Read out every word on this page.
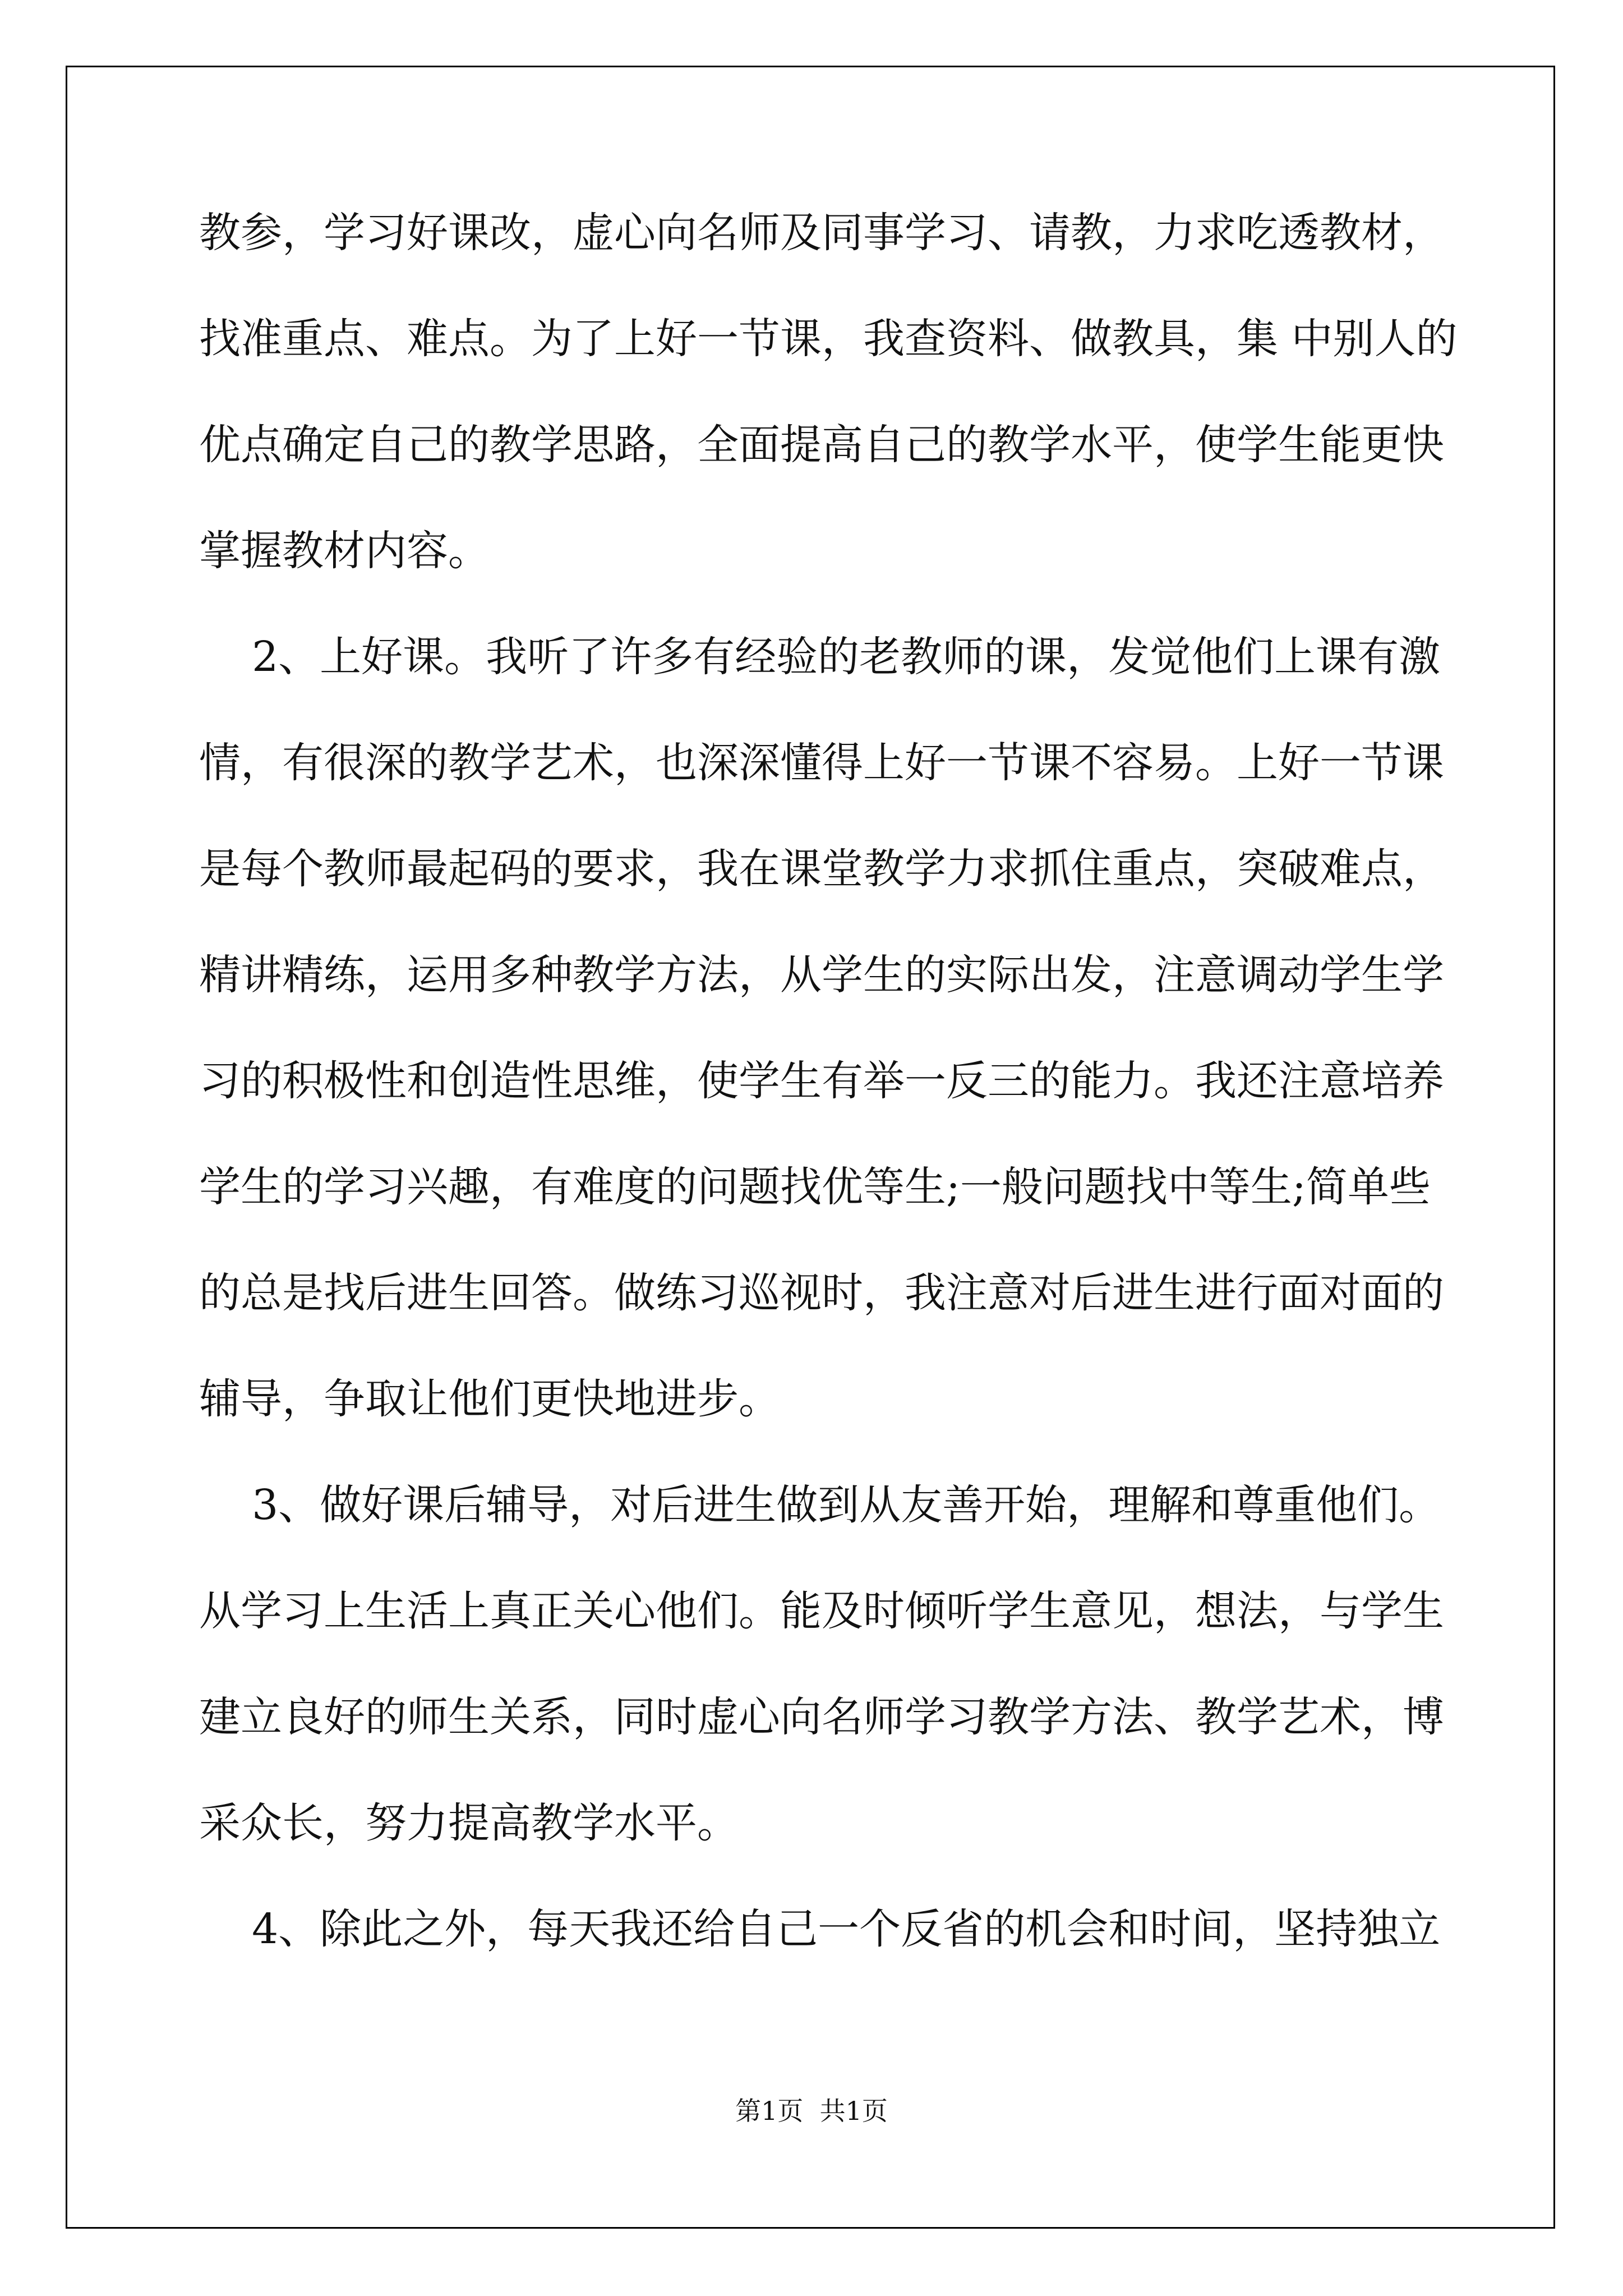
教参，学习好课改，虚心向名师及同事学习、请教，力求吃透教材，

找准重点、难点。为了上好一节课，我查资料、做教具，集 中别人的

优点确定自己的教学思路，全面提高自己的教学水平，使学生能更快

掌握教材内容。

2、上好课。我听了许多有经验的老教师的课，发觉他们上课有激

情，有很深的教学艺术，也深深懂得上好一节课不容易。上好一节课

是每个教师最起码的要求，我在课堂教学力求抓住重点，突破难点，

精讲精练，运用多种教学方法，从学生的实际出发，注意调动学生学

习的积极性和创造性思维，使学生有举一反三的能力。我还注意培养

学生的学习兴趣，有难度的问题找优等生;一般问题找中等生;简单些

的总是找后进生回答。做练习巡视时，我注意对后进生进行面对面的

辅导，争取让他们更快地进步。

3、做好课后辅导，对后进生做到从友善开始，理解和尊重他们。

从学习上生活上真正关心他们。能及时倾听学生意见，想法，与学生

建立良好的师生关系，同时虚心向名师学习教学方法、教学艺术，博

采众长，努力提高教学水平。

4、除此之外，每天我还给自己一个反省的机会和时间，坚持独立

第1页  共1页
